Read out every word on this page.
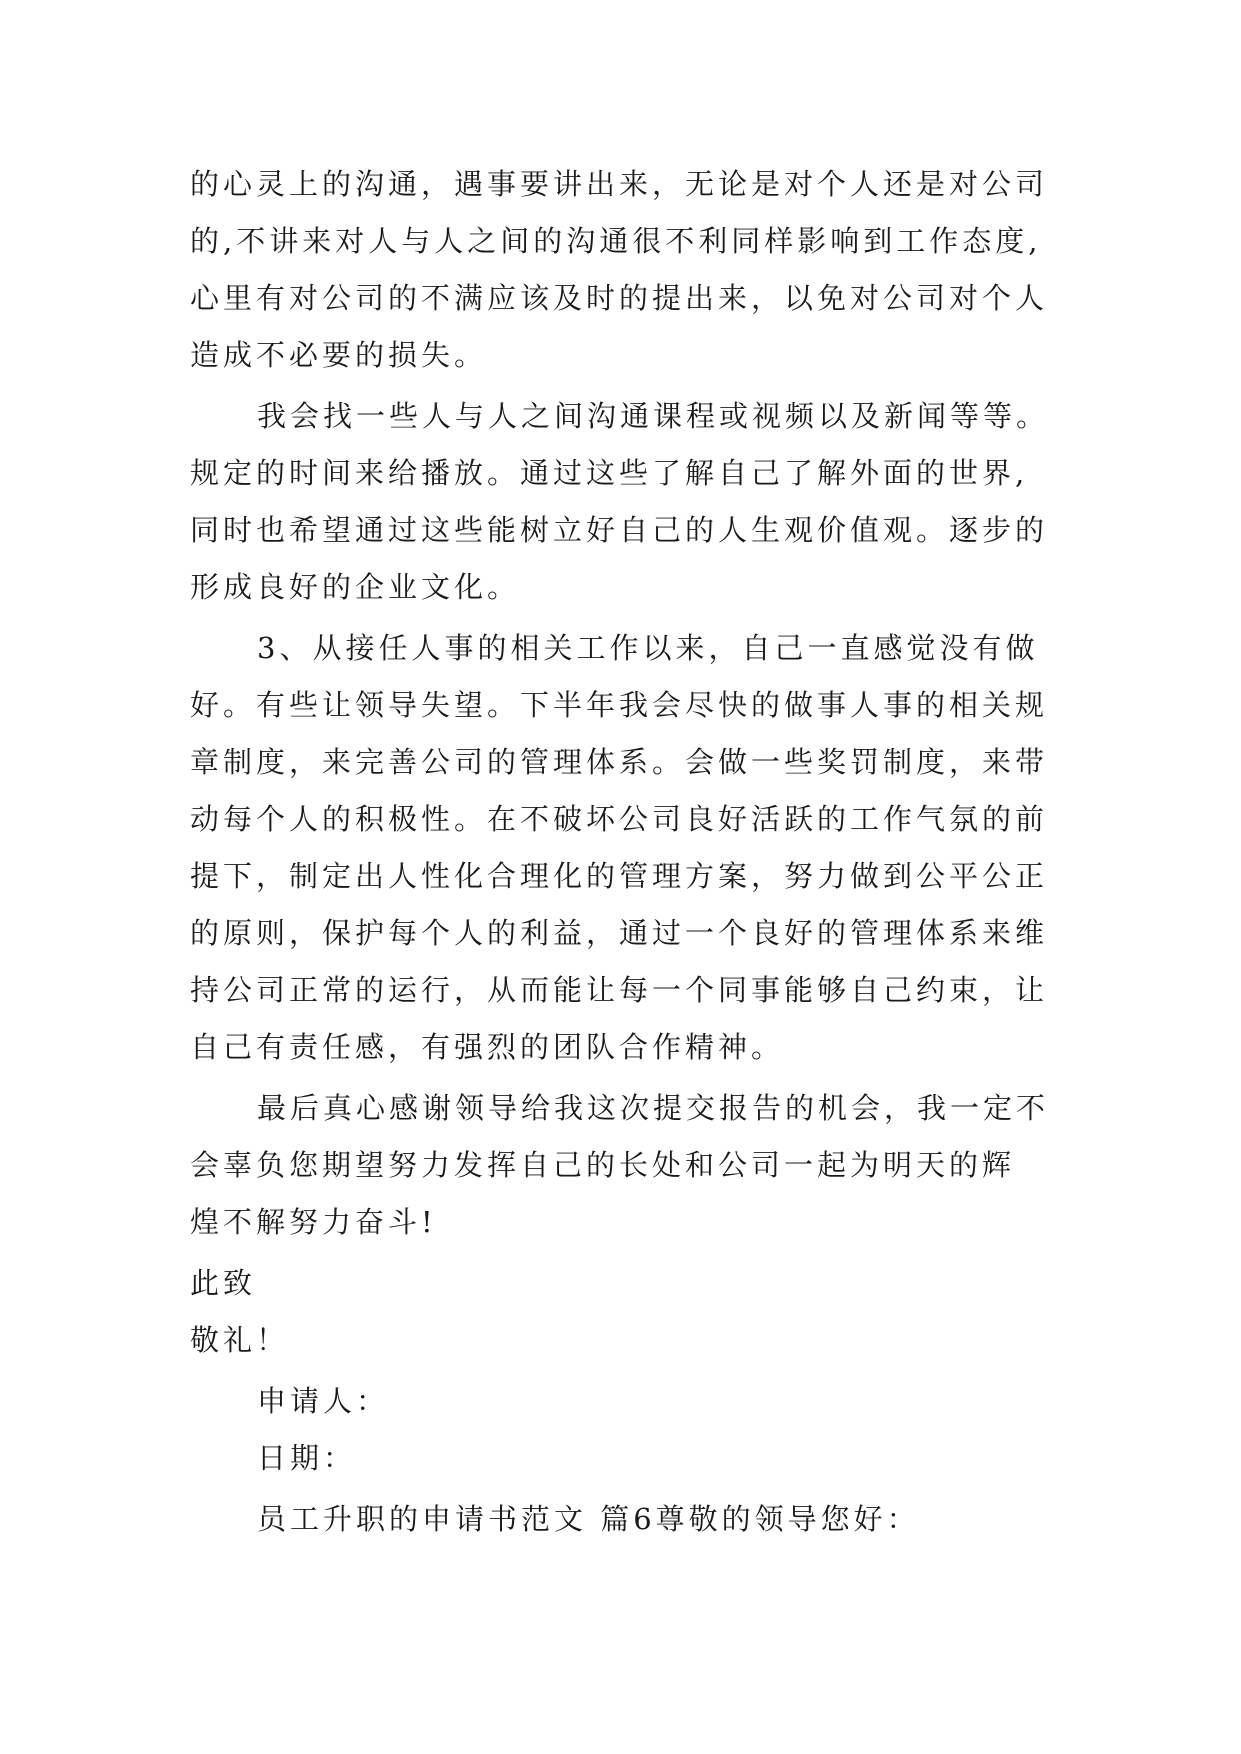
的心灵上的沟通，遇事要讲出来，无论是对个人还是对公司
的,不讲来对人与人之间的沟通很不利同样影响到工作态度,
心里有对公司的不满应该及时的提出来，以免对公司对个人
造成不必要的损失。
我会找一些人与人之间沟通课程或视频以及新闻等等。
规定的时间来给播放。通过这些了解自己了解外面的世界,
同时也希望通过这些能树立好自己的人生观价值观。逐步的
形成良好的企业文化。
3、从接任人事的相关工作以来，自己一直感觉没有做
好。有些让领导失望。下半年我会尽快的做事人事的相关规
章制度，来完善公司的管理体系。会做一些奖罚制度，来带
动每个人的积极性。在不破坏公司良好活跃的工作气氛的前
提下，制定出人性化合理化的管理方案，努力做到公平公正
的原则，保护每个人的利益，通过一个良好的管理体系来维
持公司正常的运行，从而能让每一个同事能够自己约束，让
自己有责任感，有强烈的团队合作精神。
最后真心感谢领导给我这次提交报告的机会，我一定不
会辜负您期望努力发挥自己的长处和公司一起为明天的辉
煌不解努力奋斗!
此致
敬礼！
申请人：
日期：
员工升职的申请书范文 篇6尊敬的领导您好：
